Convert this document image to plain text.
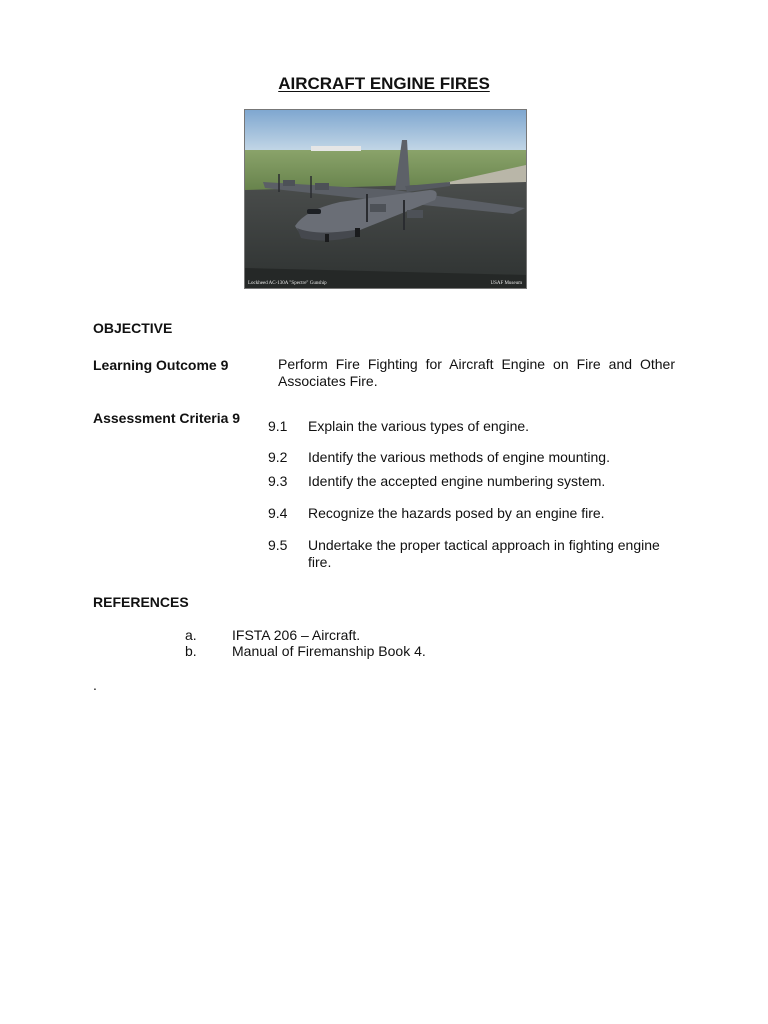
AIRCRAFT ENGINE FIRES
Lockheed AC-130A "Spectre" Gunship	USAF Museum
OBJECTIVE
Learning Outcome 9	Perform Fire Fighting for Aircraft Engine on Fire and Other Associates Fire.
Assessment Criteria 9 9.1 Explain the various types of engine.
9.2 Identify the various methods of engine mounting.
9.3 Identify the accepted engine numbering system.
9.4 Recognize the hazards posed by an engine fire.
9.5 Undertake the proper tactical approach in fighting engine fire.
REFERENCES
a.	IFSTA 206 – Aircraft.
b.	Manual of Firemanship Book 4.
.
